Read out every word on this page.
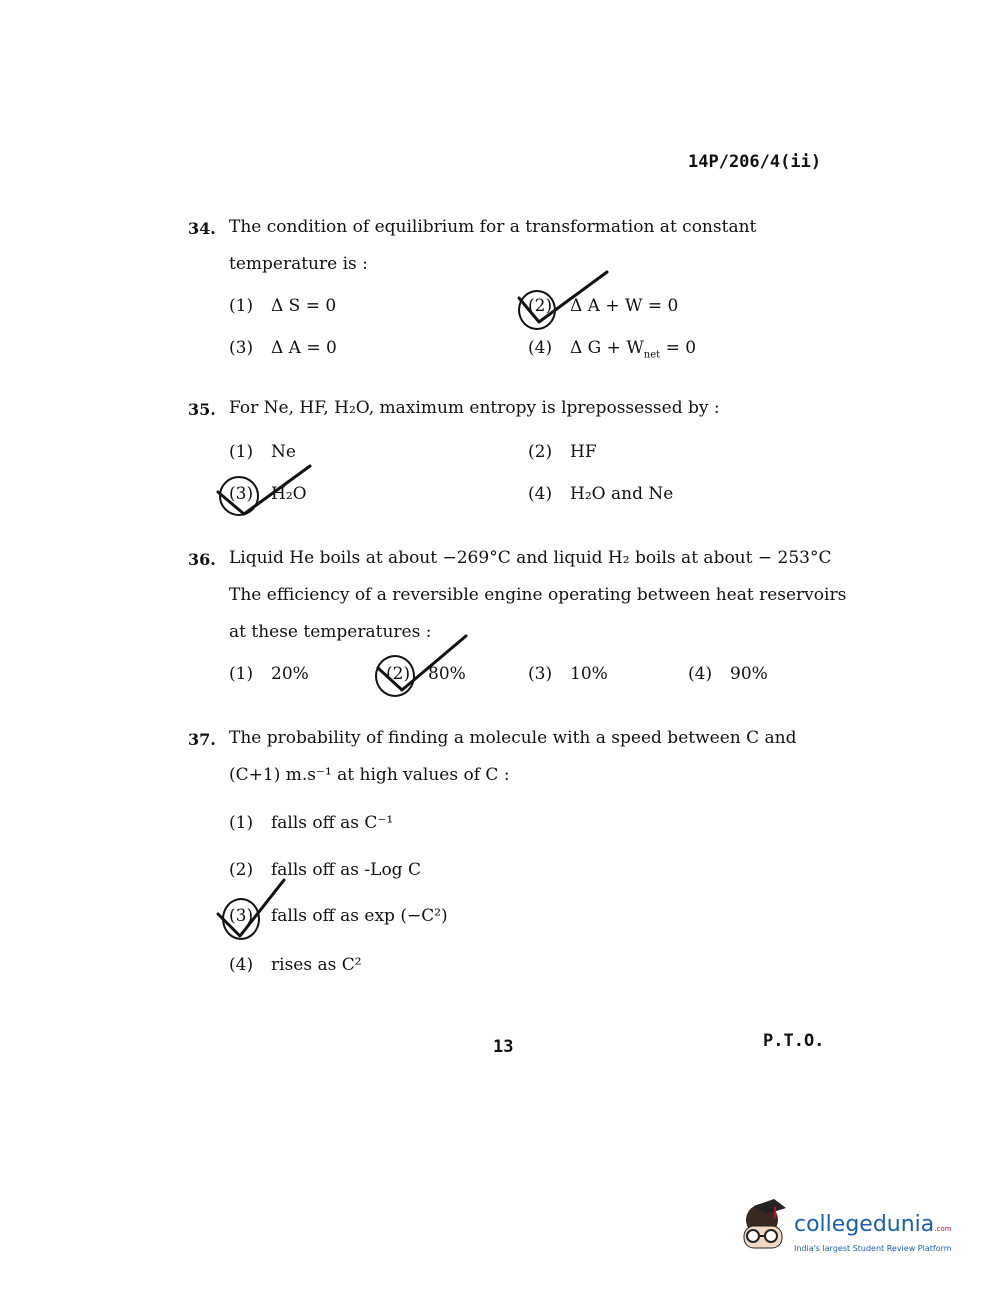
14P/206/4(ii)
34. The condition of equilibrium for a transformation at constant
temperature is :
(1) Δ S = 0	(2) Δ A + W = 0
(3) Δ A = 0	(4) Δ $G + W_{net} = 0$
35. For Ne, HF, H₂O, maximum entropy is lprepossessed by :
(1) Ne	(2) HF
(3) H₂O	(4) H₂O and Ne
36. Liquid He boils at about −269°C and liquid H₂ boils at about − 253°C
The efficiency of a reversible engine operating between heat reservoirs
at these temperatures :
(1) 20%	(2) 80%	(3) 10%	(4) 90%
37. The probability of finding a molecule with a speed between C and
(C+1) m.s⁻¹ at high values of C :
(1) falls off as C⁻¹
(2) falls off as -Log C
(3) falls off as exp (−C²)
(4) rises as C²
13	P.T.O.
collegedunia.com
India's largest Student Review Platform
